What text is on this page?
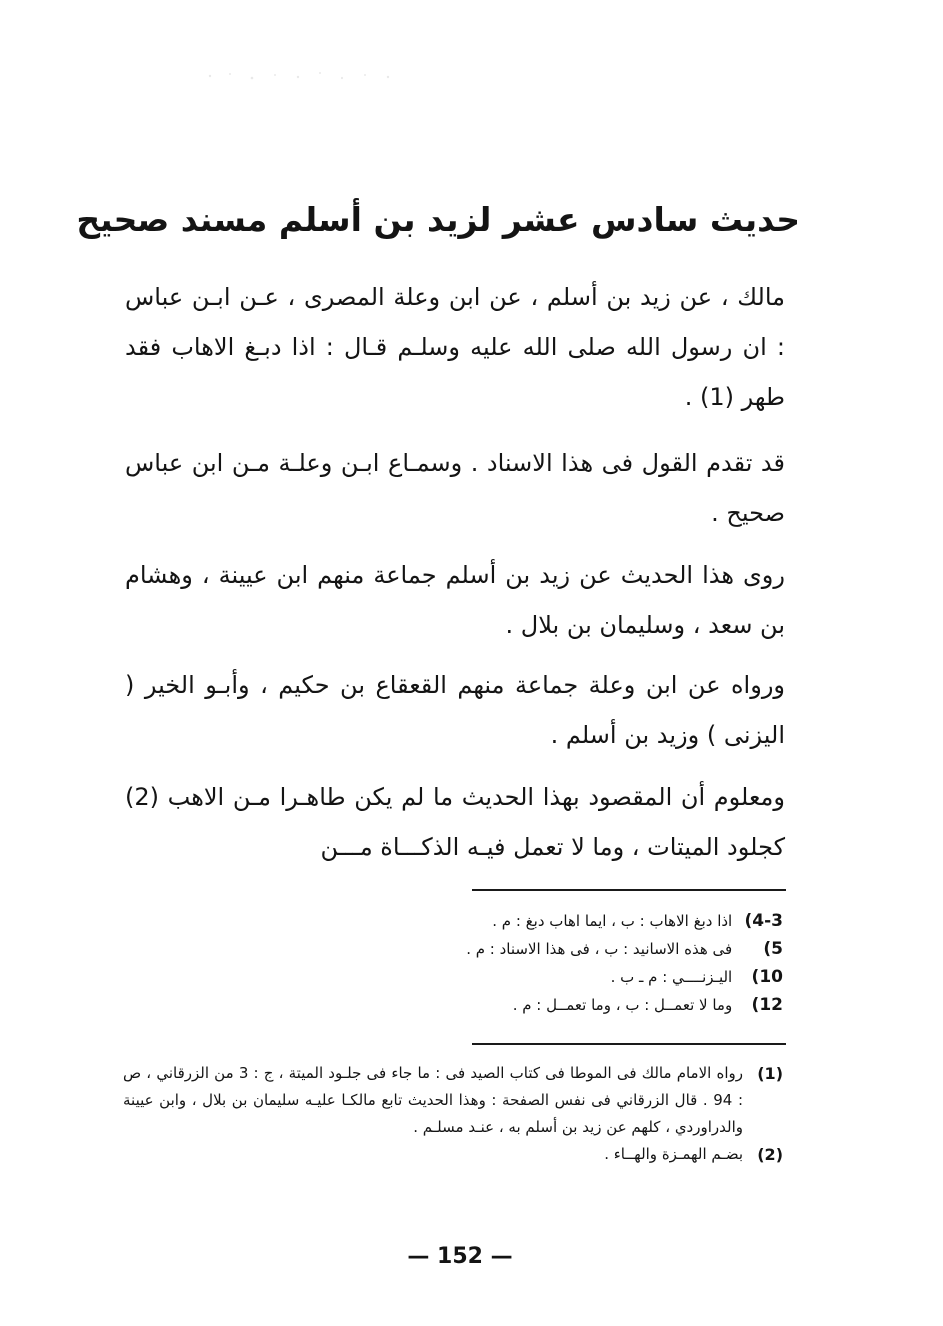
حديث سادس عشر لزيد بن أسلم مسند صحيح
مالك ، عن زيد بن أسلم ، عن ابن وعلة المصرى ، عـن ابـن عباس : ان رسول الله صلى الله عليه وسلـم قـال : اذا دبـغ الاهاب فقد طهر (1) .
قد تقدم القول فى هذا الاسناد . وسمـاع ابـن وعلـة مـن ابن عباس صحيح .
روى هذا الحديث عن زيد بن أسلم جماعة منهم ابن عيينة ، وهشام بن سعد ، وسليمان بن بلال .
ورواه عن ابن وعلة جماعة منهم القعقاع بن حكيم ، وأبـو الخير ( اليزنى ) وزيد بن أسلم .
ومعلوم أن المقصود بهذا الحديث ما لم يكن طاهـرا مـن الاهب (2) كجلود الميتات ، وما لا تعمل فيـه الذكـــاة مـــن
4-3) اذا دبغ الاهاب : ب ، ايما اهاب دبغ : م .
5) فى هذه الاسانيد : ب ، فى هذا الاسناد : م .
10) اليـزنــــي : م ـ ب .
12) وما لا تعمــل : ب ، وما تعمــل : م .
(1)
رواه الامام مالك فى الموطا فى كتاب الصيد فى : ما جاء فى جلـود الميتة ، ج : 3 من الزرقاني ، ص : 94 . قال الزرقاني فى نفس الصفحة : وهذا الحديث تابع مالكـا عليـه سليمان بن بلال ، وابن عيينة والدراوردي ، كلهم عن زيد بن أسلم به ، عنـد مسلـم .
(2)
بضـم الهمـزة والهــاء .
— 152 —
